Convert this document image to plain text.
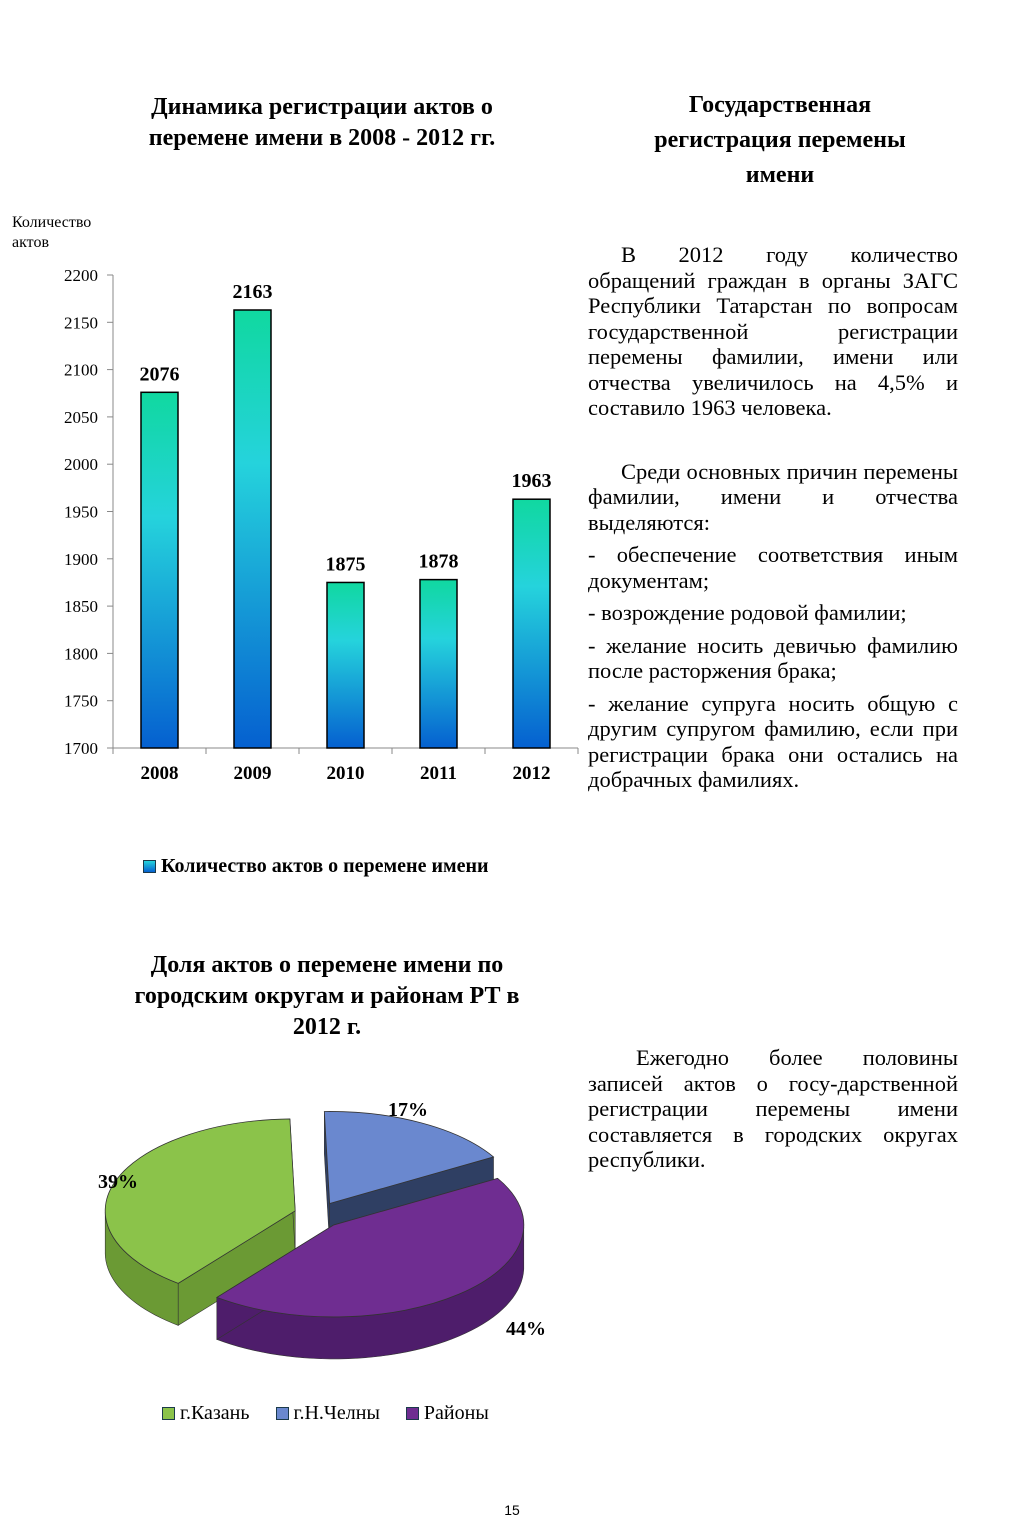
Динамика регистрации актов о перемене имени в 2008 - 2012 гг.
Количество актов
1700
1750
1800
1850
1900
1950
2000
2050
2100
2150
2200
2076
2008
2163
2009
1875
2010
1878
2011
1963
2012
Количество актов о перемене имени
Доля актов о перемене имени по городским округам и районам РТ в 2012 г.
39%
17%
44%
г.Казань г.Н.Челны Районы
Государственная регистрация перемены имени

В 2012 году количество обращений граждан в органы ЗАГС Республики Татарстан по вопросам государственной регистрации перемены фамилии, имени или отчества увеличилось на 4,5% и составило 1963 человека.

Среди основных причин перемены фамилии, имени и отчества выделяются:

- обеспечение соответствия иным документам;

- возрождение родовой фамилии;

- желание носить девичью фамилию после расторжения брака;

- желание супруга носить общую с другим супругом фамилию, если при регистрации брака они остались на добрачных фамилиях.

Ежегодно более половины записей актов о госу-дарственной регистрации перемены имени составляется в городских округах республики.

15
